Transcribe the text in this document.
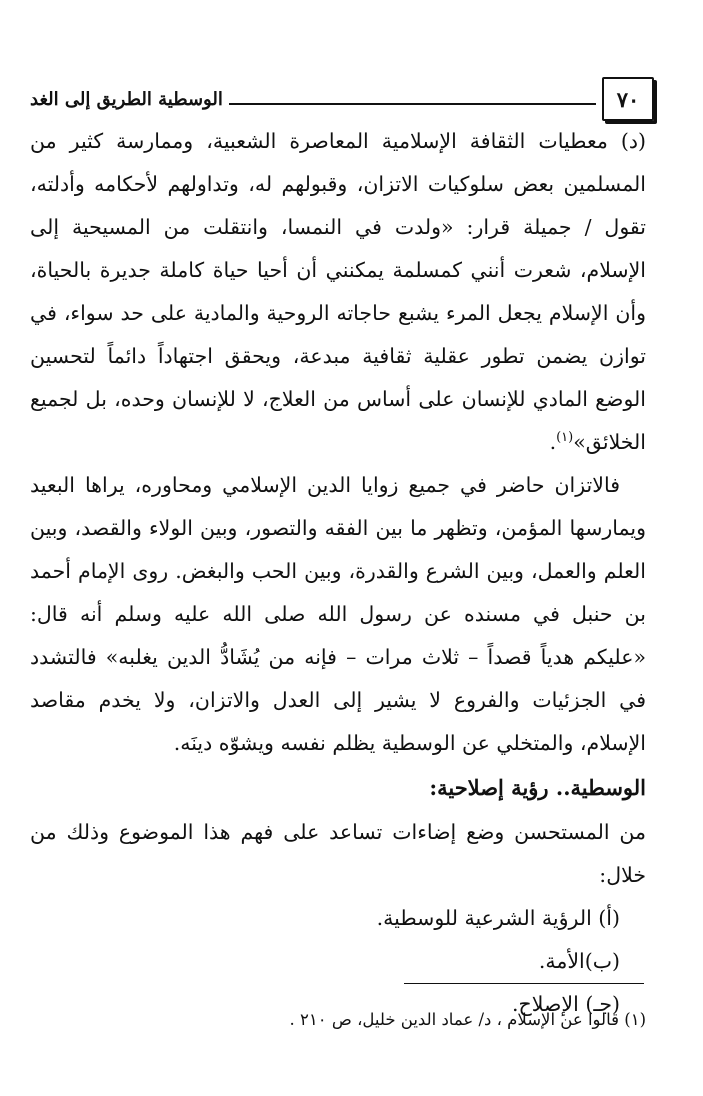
٧٠
الوسطية الطريق إلى الغد

(د) معطيات الثقافة الإسلامية المعاصرة الشعبية، وممارسة كثير من المسلمين بعض سلوكيات الاتزان، وقبولهم له، وتداولهم لأحكامه وأدلته، تقول / جميلة قرار: «ولدت في النمسا، وانتقلت من المسيحية إلى الإسلام، شعرت أنني كمسلمة يمكنني أن أحيا حياة كاملة جديرة بالحياة، وأن الإسلام يجعل المرء يشبع حاجاته الروحية والمادية على حد سواء، في توازن يضمن تطور عقلية ثقافية مبدعة، ويحقق اجتهاداً دائماً لتحسين الوضع المادي للإنسان على أساس من العلاج، لا للإنسان وحده، بل لجميع الخلائق»$^{(١)}$.

فالاتزان حاضر في جميع زوايا الدين الإسلامي ومحاوره، يراها البعيد ويمارسها المؤمن، وتظهر ما بين الفقه والتصور، وبين الولاء والقصد، وبين العلم والعمل، وبين الشرع والقدرة، وبين الحب والبغض. روى الإمام أحمد بن حنبل في مسنده عن رسول الله صلى الله عليه وسلم أنه قال: «عليكم هدياً قصداً – ثلاث مرات – فإنه من يُشَادُّ الدين يغلبه» فالتشدد في الجزئيات والفروع لا يشير إلى العدل والاتزان، ولا يخدم مقاصد الإسلام، والمتخلي عن الوسطية يظلم نفسه ويشوّه دينَه.

الوسطية.. رؤية إصلاحية:

من المستحسن وضع إضاءات تساعد على فهم هذا الموضوع وذلك من خلال:

(أ) الرؤية الشرعية للوسطية.

(ب)الأمة.

(جـ) الإصلاح.

(١) قالوا عن الإسلام ، د/ عماد الدين خليل، ص ٢١٠ .
